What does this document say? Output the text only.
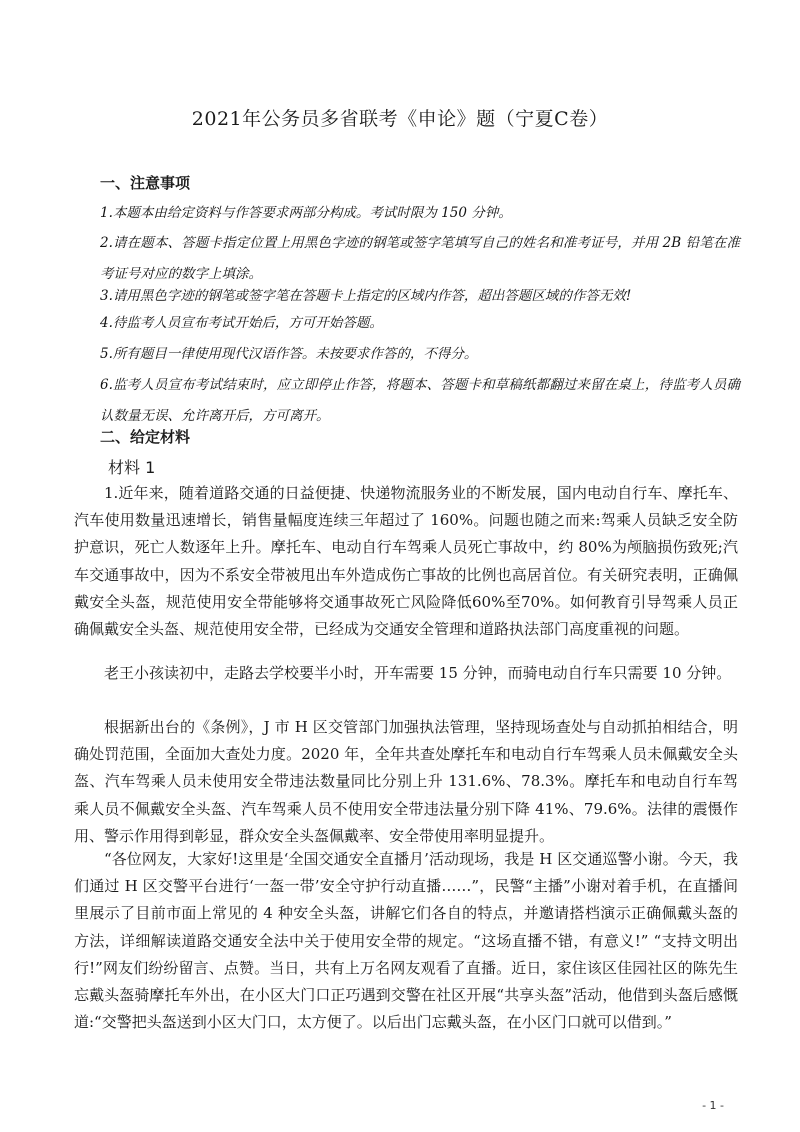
2021年公务员多省联考《申论》题（宁夏C卷）
一、注意事项
1.本题本由给定资料与作答要求两部分构成。考试时限为 150 分钟。
2.请在题本、答题卡指定位置上用黑色字迹的钢笔或签字笔填写自己的姓名和准考证号，并用 2B 铅笔在准考证号对应的数字上填涂。
3.请用黑色字迹的钢笔或签字笔在答题卡上指定的区域内作答，超出答题区域的作答无效!
4.待监考人员宣布考试开始后，方可开始答题。
5.所有题目一律使用现代汉语作答。未按要求作答的，不得分。
6.监考人员宣布考试结束时，应立即停止作答，将题本、答题卡和草稿纸都翻过来留在桌上，待监考人员确认数量无误、允许离开后，方可离开。
二、给定材料
材料 1
1.近年来，随着道路交通的日益便捷、快递物流服务业的不断发展，国内电动自行车、摩托车、汽车使用数量迅速增长，销售量幅度连续三年超过了 160%。问题也随之而来:驾乘人员缺乏安全防护意识，死亡人数逐年上升。摩托车、电动自行车驾乘人员死亡事故中，约 80%为颅脑损伤致死;汽车交通事故中，因为不系安全带被甩出车外造成伤亡事故的比例也高居首位。有关研究表明，正确佩戴安全头盔，规范使用安全带能够将交通事故死亡风险降低60%至70%。如何教育引导驾乘人员正确佩戴安全头盔、规范使用安全带，已经成为交通安全管理和道路执法部门高度重视的问题。
老王小孩读初中，走路去学校要半小时，开车需要 15 分钟，而骑电动自行车只需要 10 分钟。
根据新出台的《条例》，J 市 H 区交管部门加强执法管理，坚持现场查处与自动抓拍相结合，明确处罚范围，全面加大查处力度。2020 年，全年共查处摩托车和电动自行车驾乘人员未佩戴安全头盔、汽车驾乘人员未使用安全带违法数量同比分别上升 131.6%、78.3%。摩托车和电动自行车驾乘人员不佩戴安全头盔、汽车驾乘人员不使用安全带违法量分别下降 41%、79.6%。法律的震慑作用、警示作用得到彰显，群众安全头盔佩戴率、安全带使用率明显提升。
“各位网友，大家好!这里是‘全国交通安全直播月’活动现场，我是 H 区交通巡警小谢。今天，我们通过 H 区交警平台进行‘一盔一带’安全守护行动直播……”，民警“主播”小谢对着手机，在直播间里展示了目前市面上常见的 4 种安全头盔，讲解它们各自的特点，并邀请搭档演示正确佩戴头盔的方法，详细解读道路交通安全法中关于使用安全带的规定。“这场直播不错，有意义!” “支持文明出行!”网友们纷纷留言、点赞。当日，共有上万名网友观看了直播。近日，家住该区佳园社区的陈先生忘戴头盔骑摩托车外出，在小区大门口正巧遇到交警在社区开展“共享头盔”活动，他借到头盔后感慨道:“交警把头盔送到小区大门口，太方便了。以后出门忘戴头盔，在小区门口就可以借到。”
- 1 -
